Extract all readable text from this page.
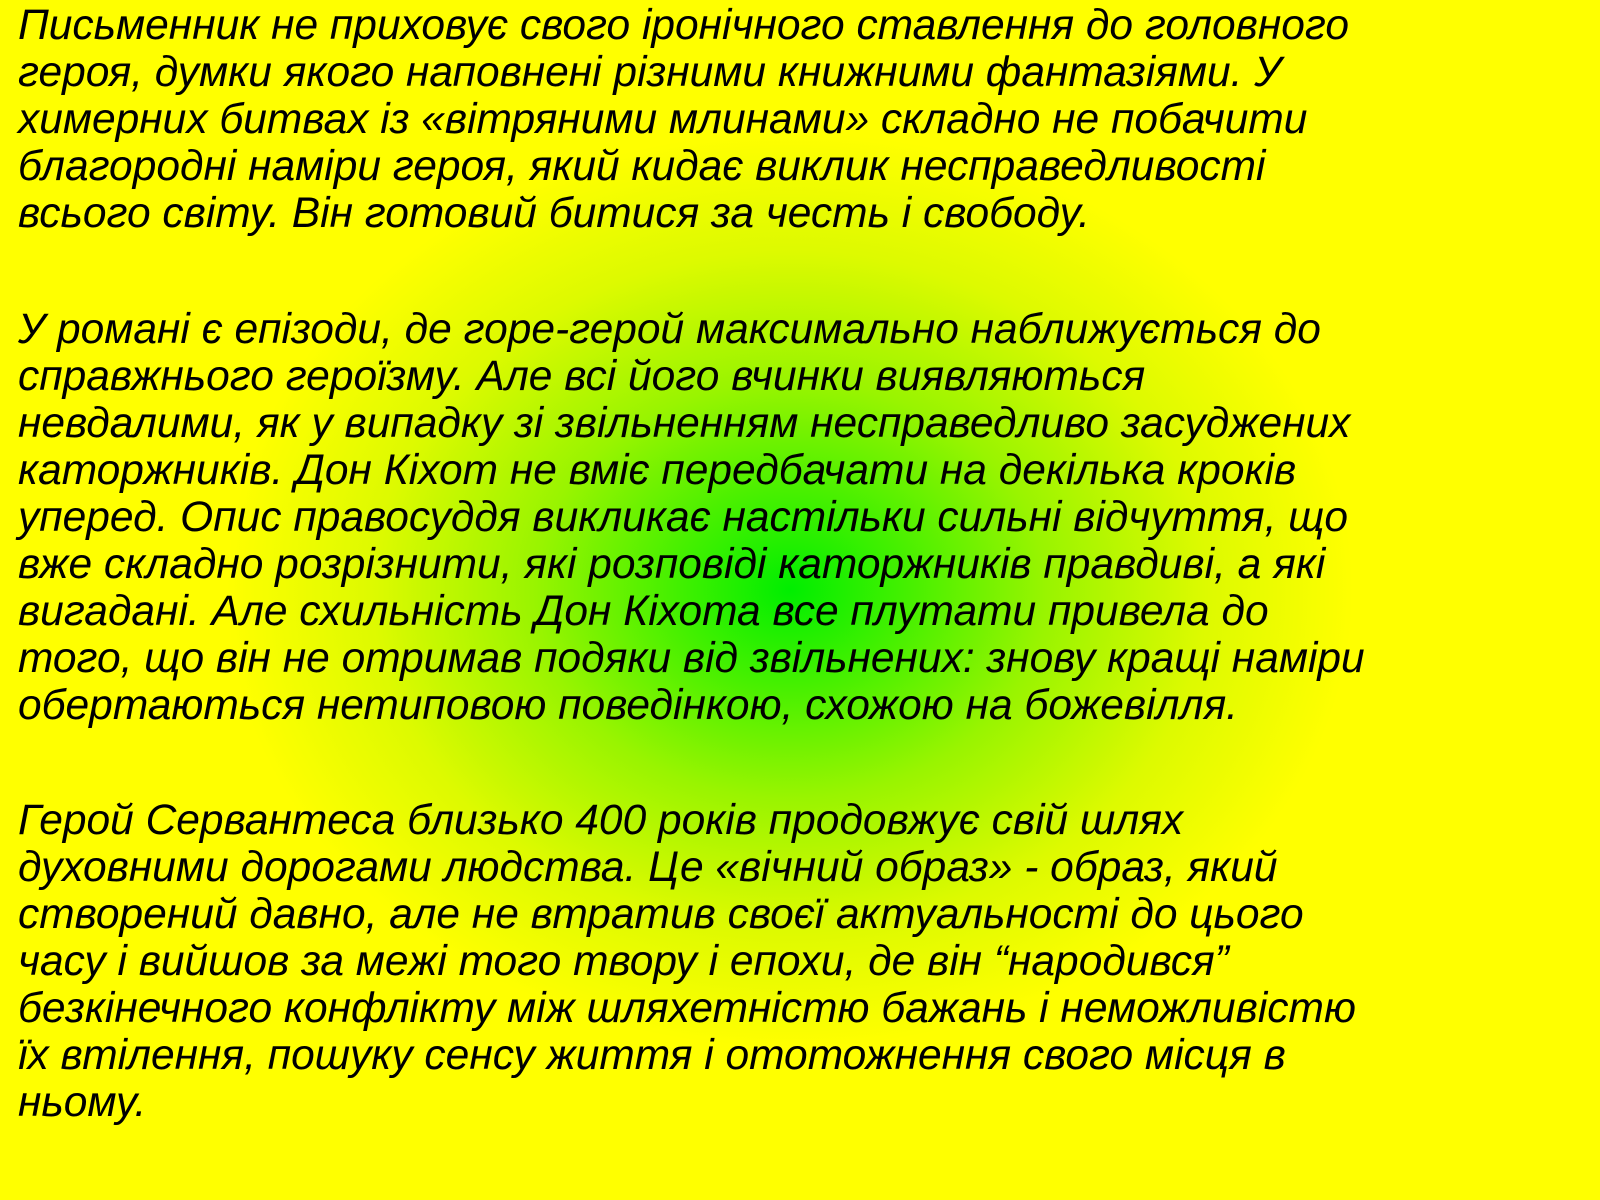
Письменник не приховує свого іронічного ставлення до головного
героя, думки якого наповнені різними книжними фантазіями. У
химерних битвах із «вітряними млинами» складно не побачити
благородні наміри героя, який кидає виклик несправедливості
всього світу. Він готовий битися за честь і свободу.

У романі є епізоди, де горе-герой максимально наближується до
справжнього героїзму. Але всі його вчинки виявляються
невдалими, як у випадку зі звільненням несправедливо засуджених
каторжників. Дон Кіхот не вміє передбачати на декілька кроків
уперед. Опис правосуддя викликає настільки сильні відчуття, що
вже складно розрізнити, які розповіді каторжників правдиві, а які
вигадані. Але схильність Дон Кіхота все плутати привела до
того, що він не отримав подяки від звільнених: знову кращі наміри
обертаються нетиповою поведінкою, схожою на божевілля.

Герой Сервантеса близько 400 років продовжує свій шлях
духовними дорогами людства. Це «вічний образ» - образ, який
створений давно, але не втратив своєї актуальності до цього
часу і вийшов за межі того твору і епохи, де він “народився”
безкінечного конфлікту між шляхетністю бажань і неможливістю
їх втілення, пошуку сенсу життя і ототожнення свого місця в
ньому.
